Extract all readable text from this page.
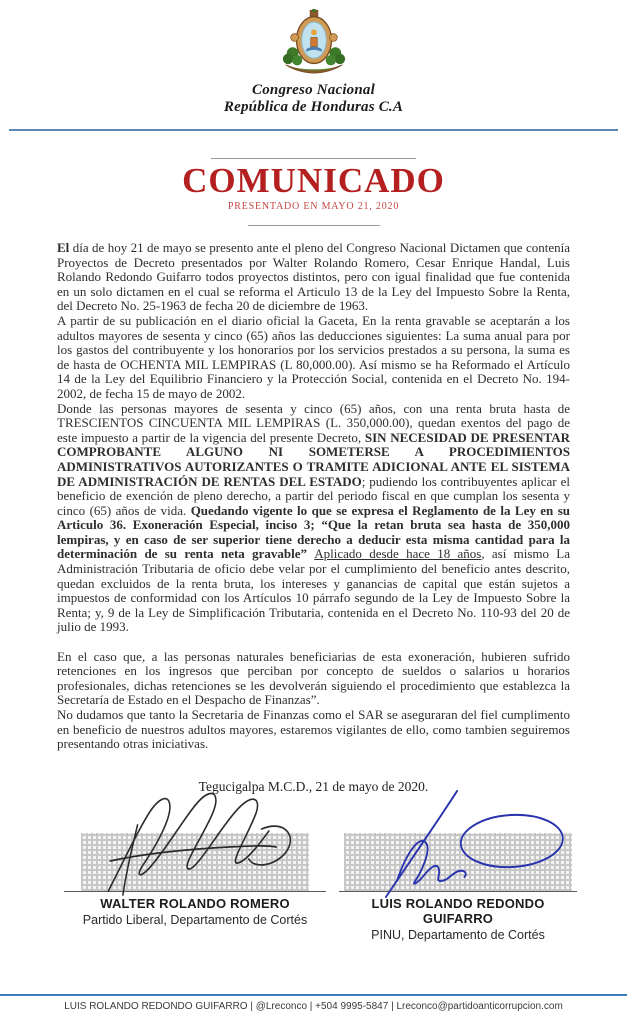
Congreso Nacional
República de Honduras C.A
COMUNICADO
PRESENTADO EN MAYO 21, 2020

El día de hoy 21 de mayo se presento ante el pleno del Congreso Nacional Dictamen que contenía Proyectos de Decreto presentados por Walter Rolando Romero, Cesar Enrique Handal, Luis Rolando Redondo Guifarro todos proyectos distintos, pero con igual finalidad que fue contenida en un solo dictamen en el cual se reforma el Articulo 13 de la Ley del Impuesto Sobre la Renta, del Decreto No. 25-1963 de fecha 20 de diciembre de 1963.

A partir de su publicación en el diario oficial la Gaceta, En la renta gravable se aceptarán a los adultos mayores de sesenta y cinco (65) años las deducciones siguientes: La suma anual para por los gastos del contribuyente y los honorarios por los servicios prestados a su persona, la suma es de hasta de OCHENTA MIL LEMPIRAS (L 80,000.00). Así mismo se ha Reformado el Artículo 14 de la Ley del Equilibrio Financiero y la Protección Social, contenida en el Decreto No. 194-2002, de fecha 15 de mayo de 2002.

Donde las personas mayores de sesenta y cinco (65) años, con una renta bruta hasta de TRESCIENTOS CINCUENTA MIL LEMPIRAS (L. 350,000.00), quedan exentos del pago de este impuesto a partir de la vigencia del presente Decreto, SIN NECESIDAD DE PRESENTAR COMPROBANTE ALGUNO NI SOMETERSE A PROCEDIMIENTOS ADMINISTRATIVOS AUTORIZANTES O TRAMITE ADICIONAL ANTE EL SISTEMA DE ADMINISTRACIÓN DE RENTAS DEL ESTADO; pudiendo los contribuyentes aplicar el beneficio de exención de pleno derecho, a partir del periodo fiscal en que cumplan los sesenta y cinco (65) años de vida. Quedando vigente lo que se expresa el Reglamento de la Ley en su Articulo 36. Exoneración Especial, inciso 3; “Que la retan bruta sea hasta de 350,000 lempiras, y en caso de ser superior tiene derecho a deducir esta misma cantidad para la determinación de su renta neta gravable” Aplicado desde hace 18 años, así mismo La Administración Tributaria de oficio debe velar por el cumplimiento del beneficio antes descrito, quedan excluidos de la renta bruta, los intereses y ganancias de capital que están sujetos a impuestos de conformidad con los Artículos 10 párrafo segundo de la Ley de Impuesto Sobre la Renta; y, 9 de la Ley de Simplificación Tributaria, contenida en el Decreto No. 110-93 del 20 de julio de 1993.

En el caso que, a las personas naturales beneficiarias de esta exoneración, hubieren sufrido retenciones en los ingresos que perciban por concepto de sueldos o salarios u horarios profesionales, dichas retenciones se les devolverán siguiendo el procedimiento que establezca la Secretaría de Estado en el Despacho de Finanzas”.

No dudamos que tanto la Secretaria de Finanzas como el SAR se aseguraran del fiel cumplimento en beneficio de nuestros adultos mayores, estaremos vigilantes de ello, como tambien seguiremos presentando otras iniciativas.

Tegucigalpa M.C.D., 21 de mayo de 2020.
WALTER ROLANDO ROMERO
Partido Liberal, Departamento de Cortés
LUIS ROLANDO REDONDO GUIFARRO
PINU, Departamento de Cortés
LUIS ROLANDO REDONDO GUIFARRO | @Lreconco | +504 9995-5847 | Lreconco@partidoanticorrupcion.com
